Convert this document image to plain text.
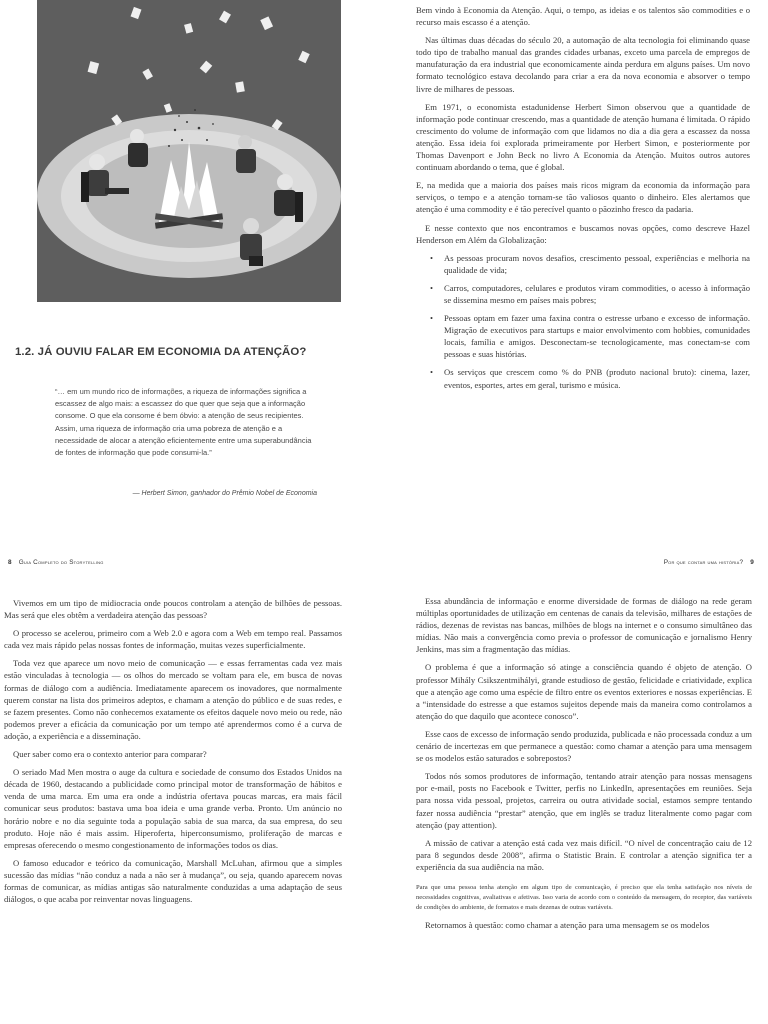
1.2. JÁ OUVIU FALAR EM ECONOMIA DA ATENÇÃO?
“… em um mundo rico de informações, a riqueza de informações significa a escassez de algo mais: a escassez do que quer que seja que a informação consome. O que ela consome é bem óbvio: a atenção de seus recipientes. Assim, uma riqueza de informação cria uma pobreza de atenção e a necessidade de alocar a atenção eficientemente entre uma superabundância de fontes de informação que pode consumi-la.”
— Herbert Simon, ganhador do Prêmio Nobel de Economia

Bem vindo à Economia da Atenção. Aqui, o tempo, as ideias e os talentos são commodities e o recurso mais escasso é a atenção.

Nas últimas duas décadas do século 20, a automação de alta tecnologia foi eliminando quase todo tipo de trabalho manual das grandes cidades urbanas, exceto uma parcela de empregos de manufaturação da era industrial que economicamente ainda perdura em alguns países. Um novo formato tecnológico estava decolando para criar a era da nova economia e absorver o tempo livre de milhares de pessoas.

Em 1971, o economista estadunidense Herbert Simon observou que a quantidade de informação pode continuar crescendo, mas a quantidade de atenção humana é limitada. O rápido crescimento do volume de informação com que lidamos no dia a dia gera a escassez da nossa atenção. Essa ideia foi explorada primeiramente por Herbert Simon, e posteriormente por Thomas Davenport e John Beck no livro A Economia da Atenção. Muitos outros autores continuam abordando o tema, que é global.

E, na medida que a maioria dos países mais ricos migram da economia da informação para serviços, o tempo e a atenção tornam-se tão valiosos quanto o dinheiro. Eles alertamos que atenção é uma commodity e é tão perecível quanto o pãozinho fresco da padaria.

E nesse contexto que nos encontramos e buscamos novas opções, como descreve Hazel Henderson em Além da Globalização:

• As pessoas procuram novos desafios, crescimento pessoal, experiências e melhoria na qualidade de vida;
• Carros, computadores, celulares e produtos viram commodities, o acesso à informação se dissemina mesmo em países mais pobres;
• Pessoas optam em fazer uma faxina contra o estresse urbano e excesso de informação. Migração de executivos para startups e maior envolvimento com hobbies, comunidades locais, família e amigos. Desconectam-se tecnologicamente, mas conectam-se com pessoas e suas histórias.
• Os serviços que crescem como % do PNB (produto nacional bruto): cinema, lazer, eventos, esportes, artes em geral, turismo e música.
8 Guia Completo do Storytelling

Vivemos em um tipo de midiocracia onde poucos controlam a atenção de bilhões de pessoas. Mas será que eles obtêm a verdadeira atenção das pessoas?

O processo se acelerou, primeiro com a Web 2.0 e agora com a Web em tempo real. Passamos cada vez mais rápido pelas nossas fontes de informação, muitas vezes superficialmente.

Toda vez que aparece um novo meio de comunicação — e essas ferramentas cada vez mais estão vinculadas à tecnologia — os olhos do mercado se voltam para ele, em busca de novas formas de diálogo com a audiência. Imediatamente aparecem os inovadores, que normalmente querem constar na lista dos primeiros adeptos, e chamam a atenção do público e de suas redes, e se fazem presentes. Como não conhecemos exatamente os efeitos daquele novo meio ou rede, não podemos prever a eficácia da comunicação por um tempo até aprendermos como é a curva de adoção, a experiência e a disseminação.

Quer saber como era o contexto anterior para comparar?

O seriado Mad Men mostra o auge da cultura e sociedade de consumo dos Estados Unidos na década de 1960, destacando a publicidade como principal motor de transformação de hábitos e venda de uma marca. Em uma era onde a indústria ofertava poucas marcas, era mais fácil comunicar seus produtos: bastava uma boa ideia e uma grande verba. Pronto. Um anúncio no horário nobre e no dia seguinte toda a população sabia de sua marca, da sua empresa, do seu produto. Hoje não é mais assim. Hiperoferta, hiperconsumismo, proliferação de marcas e empresas oferecendo o mesmo congestionamento de informações todos os dias.

O famoso educador e teórico da comunicação, Marshall McLuhan, afirmou que a simples sucessão das mídias “não conduz a nada a não ser à mudança”, ou seja, quando aparecem novas formas de comunicar, as mídias antigas são naturalmente conduzidas a uma adaptação de seus diálogos, o que acaba por reinventar novas linguagens.

Por que contar uma história? 9

Essa abundância de informação e enorme diversidade de formas de diálogo na rede geram múltiplas oportunidades de utilização em centenas de canais da televisão, milhares de estações de rádios, dezenas de revistas nas bancas, milhões de blogs na internet e o consumo simultâneo das mídias. Não mais a convergência como previa o professor de comunicação e jornalismo Henry Jenkins, mas sim a fragmentação das mídias.

O problema é que a informação só atinge a consciência quando é objeto de atenção. O professor Mihály Csikszentmihályi, grande estudioso de gestão, felicidade e criatividade, explica que a atenção age como uma espécie de filtro entre os eventos exteriores e nossas experiências. E a “intensidade do estresse a que estamos sujeitos depende mais da maneira como controlamos a atenção do que daquilo que acontece conosco”.

Esse caos de excesso de informação sendo produzida, publicada e não processada conduz a um cenário de incertezas em que permanece a questão: como chamar a atenção para uma mensagem se os modelos estão saturados e sobrepostos?

Todos nós somos produtores de informação, tentando atrair atenção para nossas mensagens por e-mail, posts no Facebook e Twitter, perfis no LinkedIn, apresentações em reuniões. Seja para nossa vida pessoal, projetos, carreira ou outra atividade social, estamos sempre tentando fazer nossa audiência “prestar” atenção, que em inglês se traduz literalmente como pagar com atenção (pay attention).

A missão de cativar a atenção está cada vez mais difícil. “O nível de concentração caiu de 12 para 8 segundos desde 2008”, afirma o Statistic Brain. E controlar a atenção significa ter a experiência da sua audiência na mão.

Para que uma pessoa tenha atenção em algum tipo de comunicação, é preciso que ela tenha satisfação nos níveis de necessidades cognitivas, avaliativas e afetivas. Isso varia de acordo com o conteúdo da mensagem, do receptor, das variáveis de condições do ambiente, de formatos e mais dezenas de outras variáveis.

Retornamos à questão: como chamar a atenção para uma mensagem se os modelos
